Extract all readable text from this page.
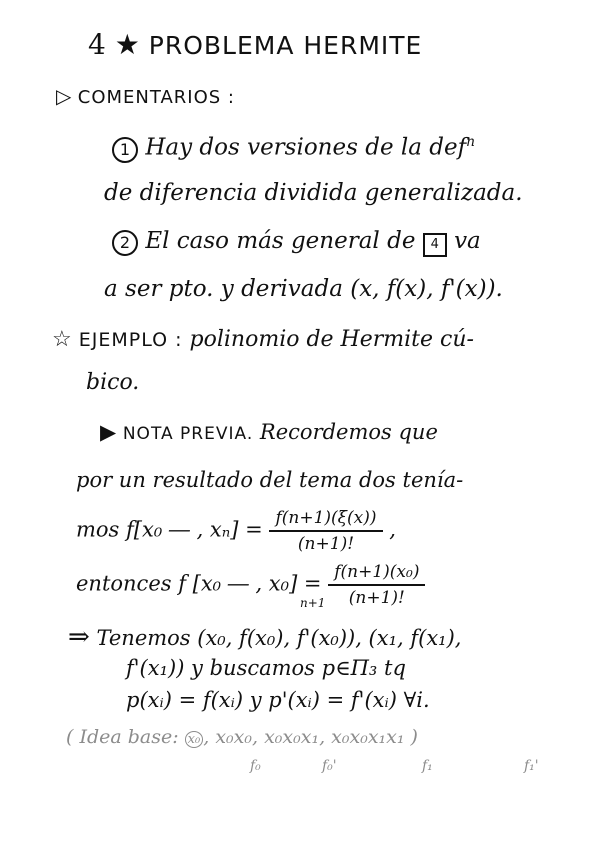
4 ★ PROBLEMA HERMITE
▷ COMENTARIOS :
1 Hay dos versiones de la def$^n$
de diferencia dividida generalizada.
2 El caso más general de 4 va
a ser pto. y derivada (x, f(x), f'(x)).
☆ EJEMPLO : polinomio de Hermite cú-
bico.
▶ NOTA PREVIA. Recordemos que
por un resultado del tema dos tenía-
mos f[x₀ ― , $x_n] = \frac{f(n+1)(\xi(x))}{(n+1)!}$ ,
entonces f [x₀ ― , $x_0] = \frac{\text{f(n+1)(x₀)}}{(n+1)!}$
n+1
⇒ Tenemos (x₀, f(x₀), f'(x₀)), (x₁, f(x₁),
f'(x₁)) y buscamos p∈Π₃ tq
p(xᵢ) = f(xᵢ) y p'(xᵢ) = f'(xᵢ) ∀i.
( Idea base: x₀ , x₀x₀, x₀x₀x₁, x₀x₀x₁x₁ )
f₀	f₀'	f₁	f₁'
